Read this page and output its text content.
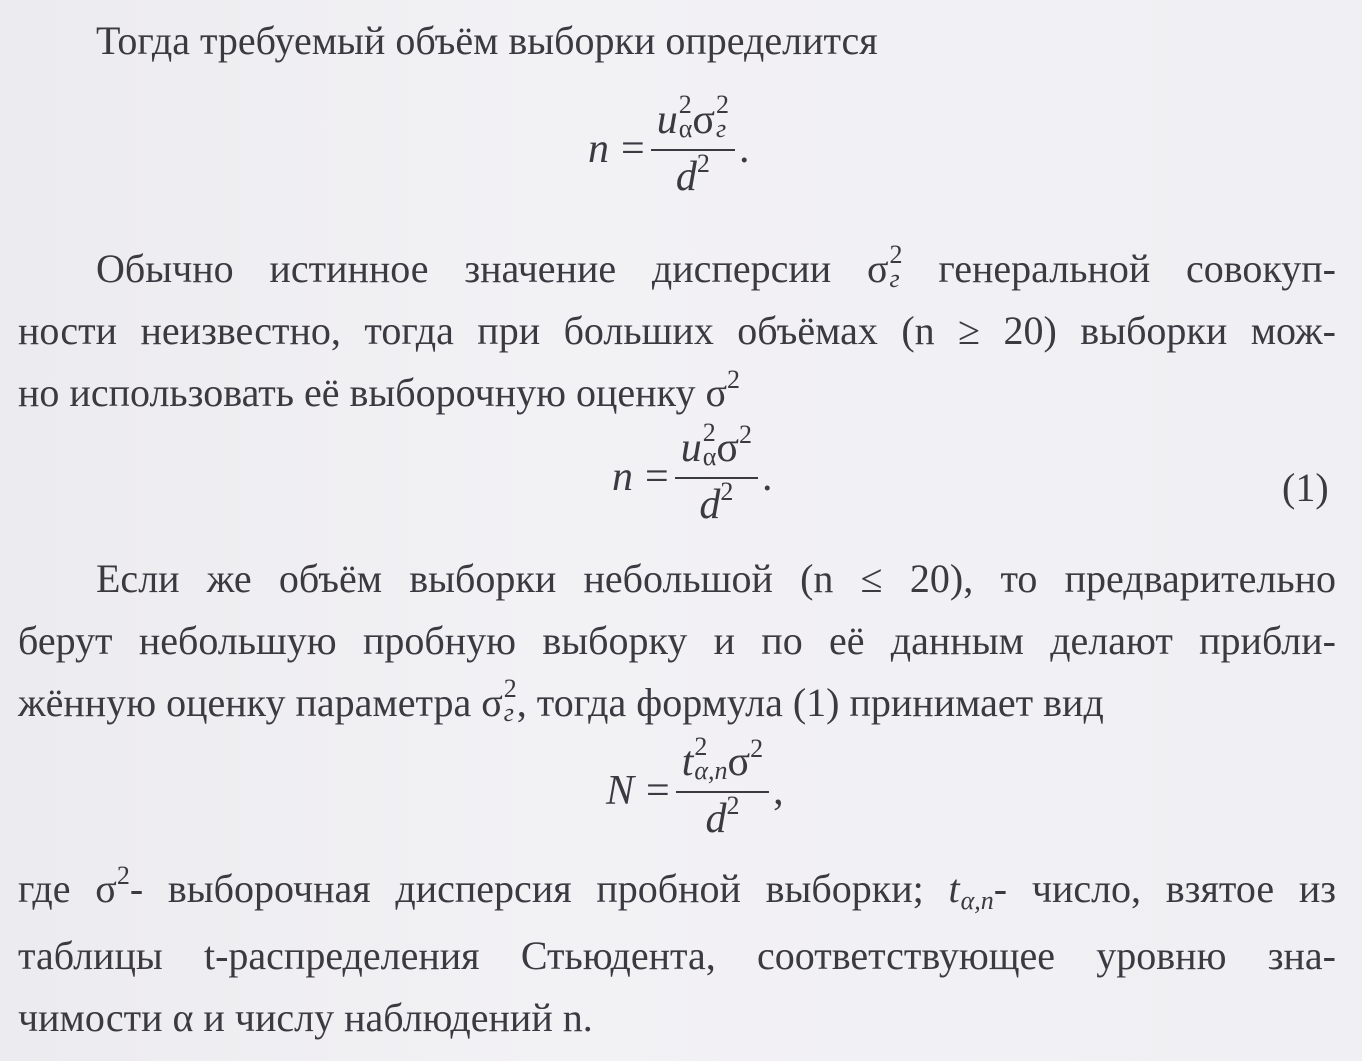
Тогда требуемый объём выборки определится

n = u 2
α σ 2
г
$d^2$ .
Обычно истинное значение дисперсии σ 2
г генеральной совокуп-
ности неизвестно, тогда при больших объёмах (n ≥ 20) выборки мож-
но использовать её выборочную оценку $\sigma^2$
n = u 2
α $\sigma^2$
$d^2$ .	(1)
Если же объём выборки небольшой (n ≤ 20), то предварительно
берут небольшую пробную выборку и по её данным делают прибли-
жённую оценку параметра σ 2
г , тогда формула (1) принимает вид
N = t 2
α,n $\sigma^2$
$d^2$ ,
где $\sigma^2-$ выборочная дисперсия пробной выборки; t α,n - число, взятое из
таблицы t-распределения Стьюдента, соответствующее уровню зна-
чимости α и числу наблюдений n.
